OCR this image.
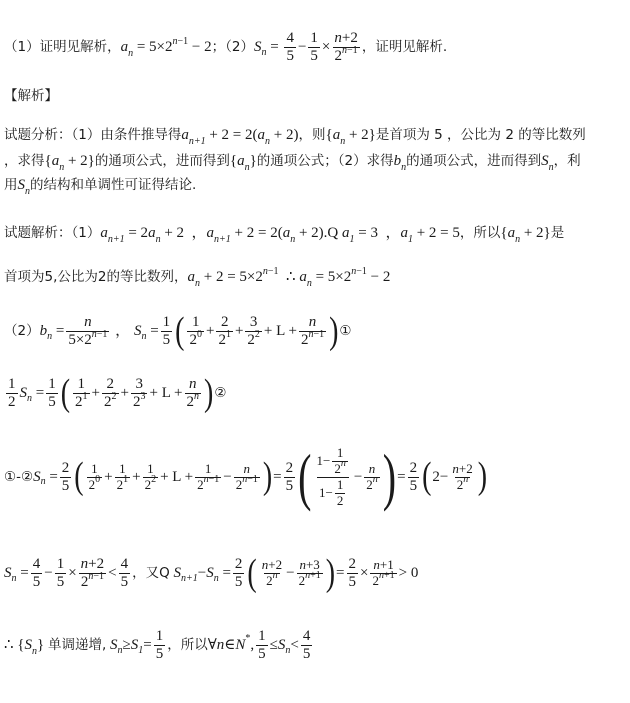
（1）证明见解析， $a_n = 5\times 2^{n-1} - 2$ ；（2） S $n = \frac{4}{5} - \frac{1}{5} \times \frac{n+2}{2^{n-1}}$ ，证明见解析.
【解析】
试题分析：（1）由条件推导得 $a_{n+1} + 2 = 2(a_n + 2)$ ，则 $\{a_n + 2\}$ 是首项为 5 ，公比为 2 的等比数列
，求得 $\{a_n + 2\}$ 的通项公式，进而得到 $\{a_n\}$ 的通项公式；（2）求得 $b_n$ 的通项公式，进而得到 $S_n$ ，利
用 $S_n$ 的结构和单调性可证得结论.
试题解析：（1） $a_{n+1} = 2a_n + 2$  ，$a_{n+1} + 2 = 2(a_n + 2).Q$ $a_1 = 3$  ，$a_1 + 2 = 5$ ，所以 $\{a_n + 2\}$ 是
首项为5,公比为2的等比数列， $a_n + 2 = 5\times 2^{n-1}$  ∴ $a_n = 5\times 2^{n-1} - 2$
（2） b $n = \frac{n}{5\times 2^{n-1}}$ ， S $n = \frac{1}{5}$ ( $\frac{1}{2^0} + \frac{2}{2^1} + \frac{3}{2^2} + L + \frac{n}{2^{n-1}}$ ) ①
$\frac{1}{2}$ S $n = \frac{1}{5}$ ( $\frac{1}{2^1} + \frac{2}{2^2} + \frac{3}{2^3} + L + \frac{n}{2^n}$ ) ②
①-② S $n = \frac{2}{5}$ ( $\frac{1}{2^0} + \frac{1}{2^1} + \frac{1}{2^2} + L + \frac{1}{2^{n-1}} - \frac{n}{2^{n-1}}$ ) = $\frac{2}{5}$ ( $\frac{1- \frac{1}{2^n}}{1- \frac{1}{2}} - \frac{n}{2^n}$ ) = $\frac{2}{5}$ ( $2- \frac{n+2}{2^n}$ )
S $n = \frac{4}{5} - \frac{1}{5} \times \frac{n+2}{2^{n-1}} < \frac{4}{5}$ ，又Q
S n+1 − S $n = \frac{2}{5}$ ( $\frac{n+2}{2^n} - \frac{n+3}{2^{n+1}}$ ) = $\frac{2}{5} \times \frac{n+1}{2^{n+1}} > 0$
∴ $\{S_n\}$ 单调递增,
S n ≥ S $1 = \frac{1}{5}$ ，所以 ∀ n ∈ N * , $\frac{1}{5} \le S$ $n < \frac{4}{5}$
